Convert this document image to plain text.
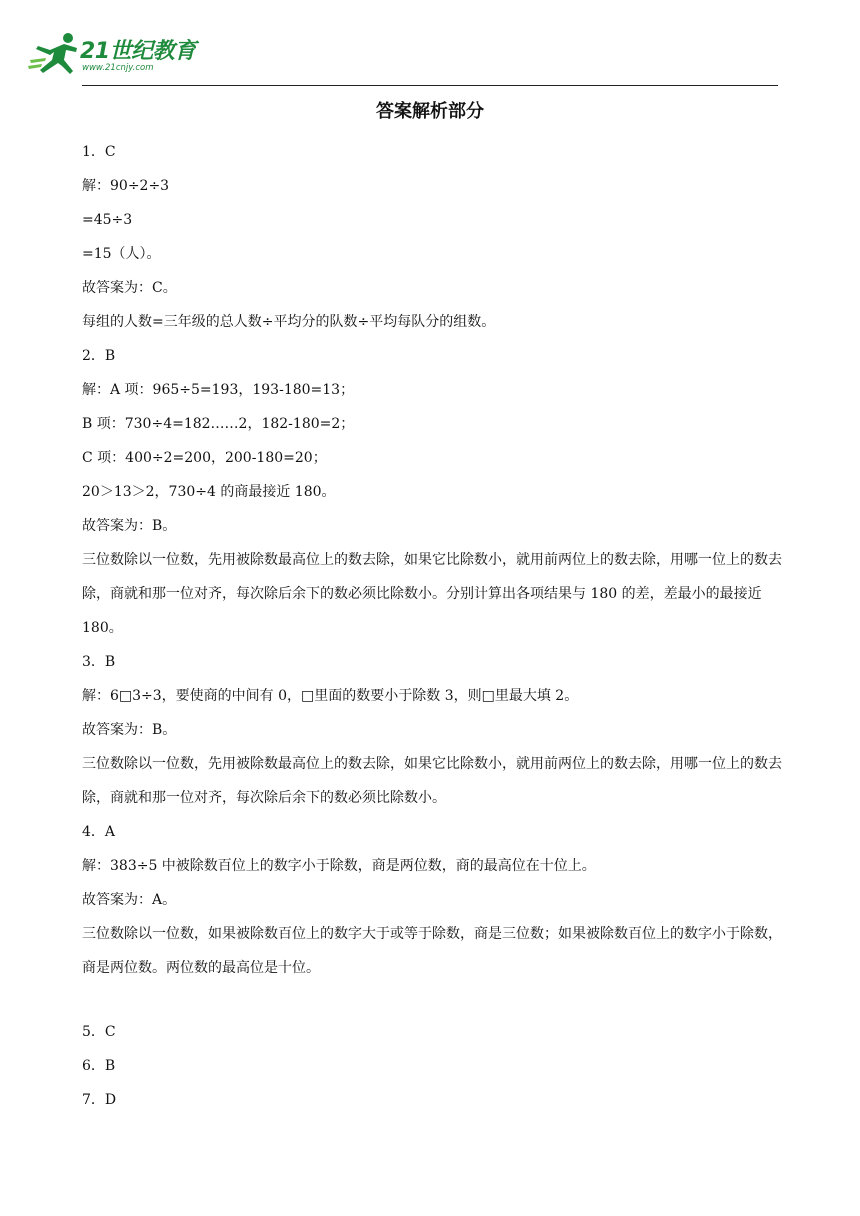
21世纪教育
www.21cnjy.com
答案解析部分
1．C
解：90÷2÷3
=45÷3
=15（人）。
故答案为：C。
每组的人数=三年级的总人数÷平均分的队数÷平均每队分的组数。
2．B
解：A 项：965÷5=193，193-180=13；
B 项：730÷4=182……2，182-180=2；
C 项：400÷2=200，200-180=20；
20＞13＞2，730÷4 的商最接近 180。
故答案为：B。
三位数除以一位数，先用被除数最高位上的数去除，如果它比除数小，就用前两位上的数去除，用哪一位上的数去除，商就和那一位对齐，每次除后余下的数必须比除数小。分别计算出各项结果与 180 的差，差最小的最接近 180。
3．B
解：6□3÷3，要使商的中间有 0，□里面的数要小于除数 3，则□里最大填 2。
故答案为：B。
三位数除以一位数，先用被除数最高位上的数去除，如果它比除数小，就用前两位上的数去除，用哪一位上的数去除，商就和那一位对齐，每次除后余下的数必须比除数小。
4．A
解：383÷5 中被除数百位上的数字小于除数，商是两位数，商的最高位在十位上。
故答案为：A。
三位数除以一位数，如果被除数百位上的数字大于或等于除数，商是三位数；如果被除数百位上的数字小于除数，商是两位数。两位数的最高位是十位。
5．C
6．B
7．D
